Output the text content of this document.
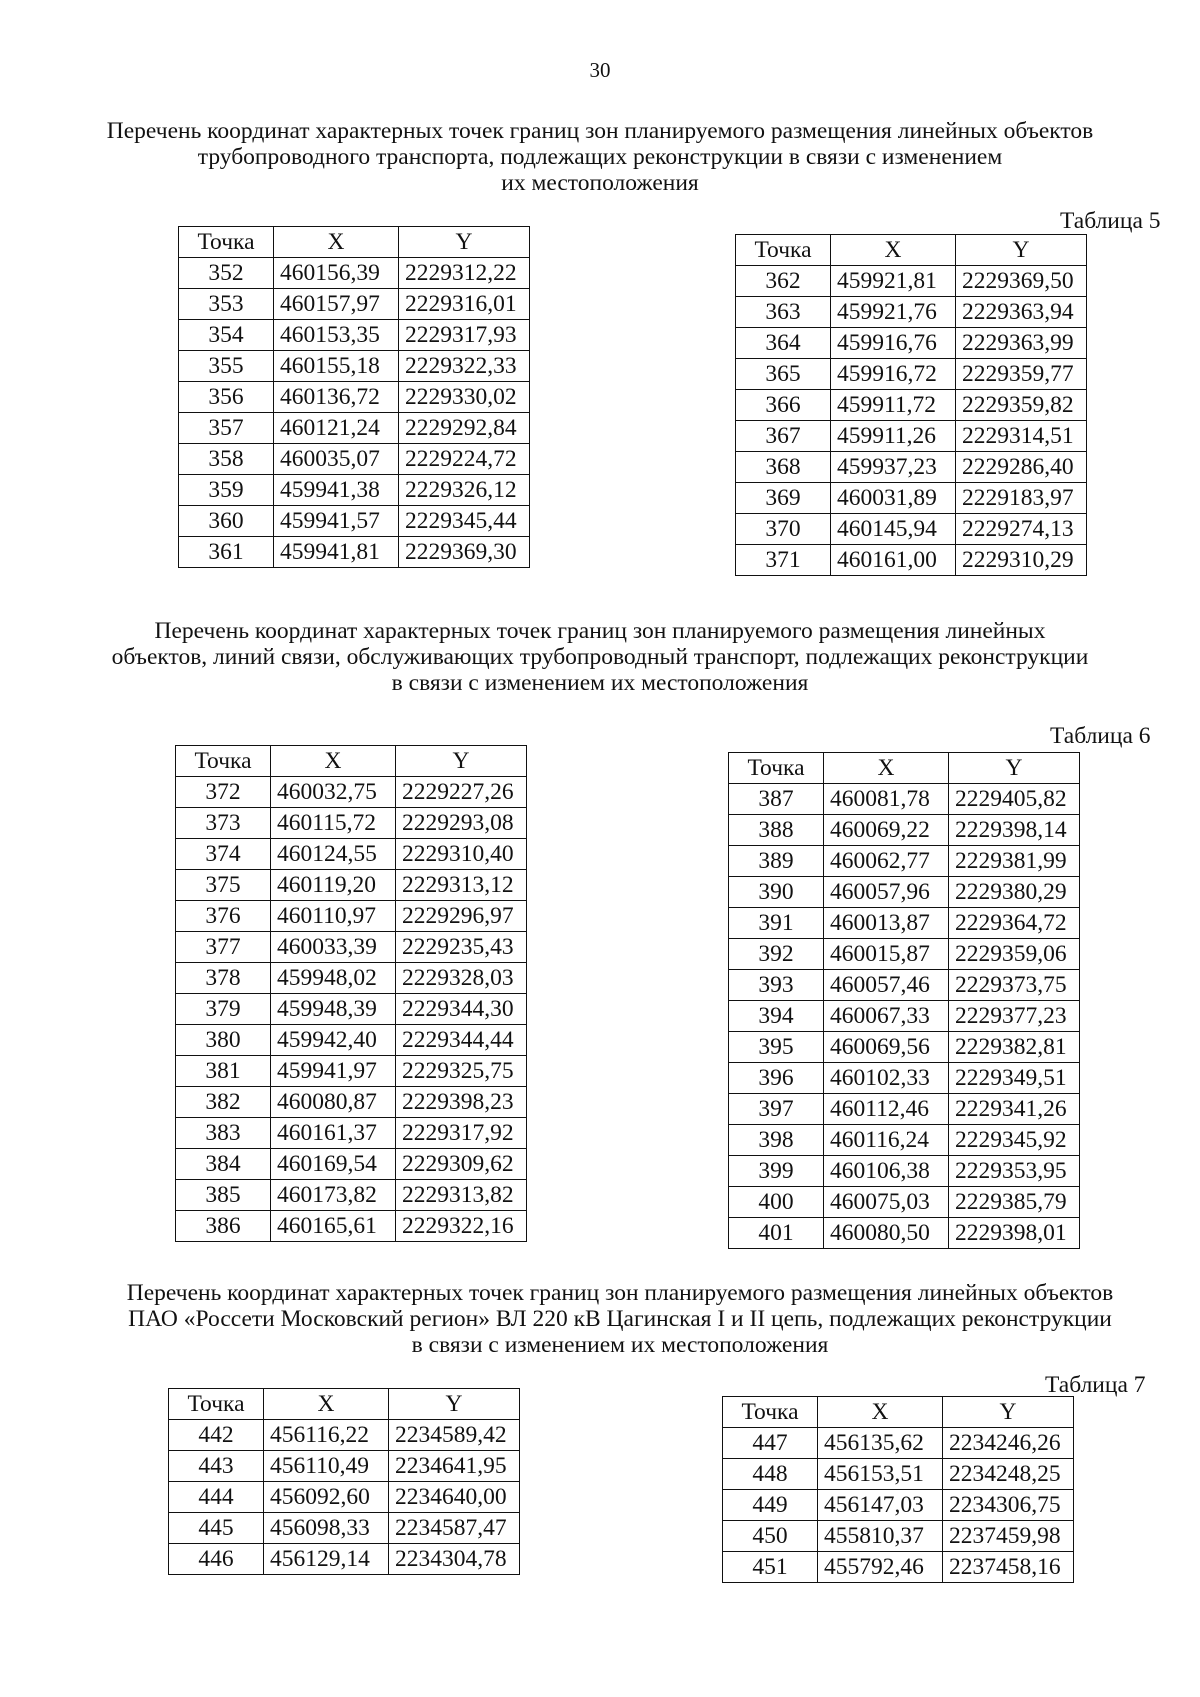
30
Перечень координат характерных точек границ зон планируемого размещения линейных объектов
трубопроводного транспорта, подлежащих реконструкции в связи с изменением
их местоположения
Таблица 5
Точка	X	Y
352	460156,39	2229312,22
353	460157,97	2229316,01
354	460153,35	2229317,93
355	460155,18	2229322,33
356	460136,72	2229330,02
357	460121,24	2229292,84
358	460035,07	2229224,72
359	459941,38	2229326,12
360	459941,57	2229345,44
361	459941,81	2229369,30
Точка	X	Y
362	459921,81	2229369,50
363	459921,76	2229363,94
364	459916,76	2229363,99
365	459916,72	2229359,77
366	459911,72	2229359,82
367	459911,26	2229314,51
368	459937,23	2229286,40
369	460031,89	2229183,97
370	460145,94	2229274,13
371	460161,00	2229310,29
Перечень координат характерных точек границ зон планируемого размещения линейных
объектов, линий связи, обслуживающих трубопроводный транспорт, подлежащих реконструкции
в связи с изменением их местоположения
Таблица 6
Точка	X	Y
372	460032,75	2229227,26
373	460115,72	2229293,08
374	460124,55	2229310,40
375	460119,20	2229313,12
376	460110,97	2229296,97
377	460033,39	2229235,43
378	459948,02	2229328,03
379	459948,39	2229344,30
380	459942,40	2229344,44
381	459941,97	2229325,75
382	460080,87	2229398,23
383	460161,37	2229317,92
384	460169,54	2229309,62
385	460173,82	2229313,82
386	460165,61	2229322,16
Точка	X	Y
387	460081,78	2229405,82
388	460069,22	2229398,14
389	460062,77	2229381,99
390	460057,96	2229380,29
391	460013,87	2229364,72
392	460015,87	2229359,06
393	460057,46	2229373,75
394	460067,33	2229377,23
395	460069,56	2229382,81
396	460102,33	2229349,51
397	460112,46	2229341,26
398	460116,24	2229345,92
399	460106,38	2229353,95
400	460075,03	2229385,79
401	460080,50	2229398,01
Перечень координат характерных точек границ зон планируемого размещения линейных объектов
ПАО «Россети Московский регион» ВЛ 220 кВ Цагинская I и II цепь, подлежащих реконструкции
в связи с изменением их местоположения
Таблица 7
Точка	X	Y
442	456116,22	2234589,42
443	456110,49	2234641,95
444	456092,60	2234640,00
445	456098,33	2234587,47
446	456129,14	2234304,78
Точка	X	Y
447	456135,62	2234246,26
448	456153,51	2234248,25
449	456147,03	2234306,75
450	455810,37	2237459,98
451	455792,46	2237458,16
